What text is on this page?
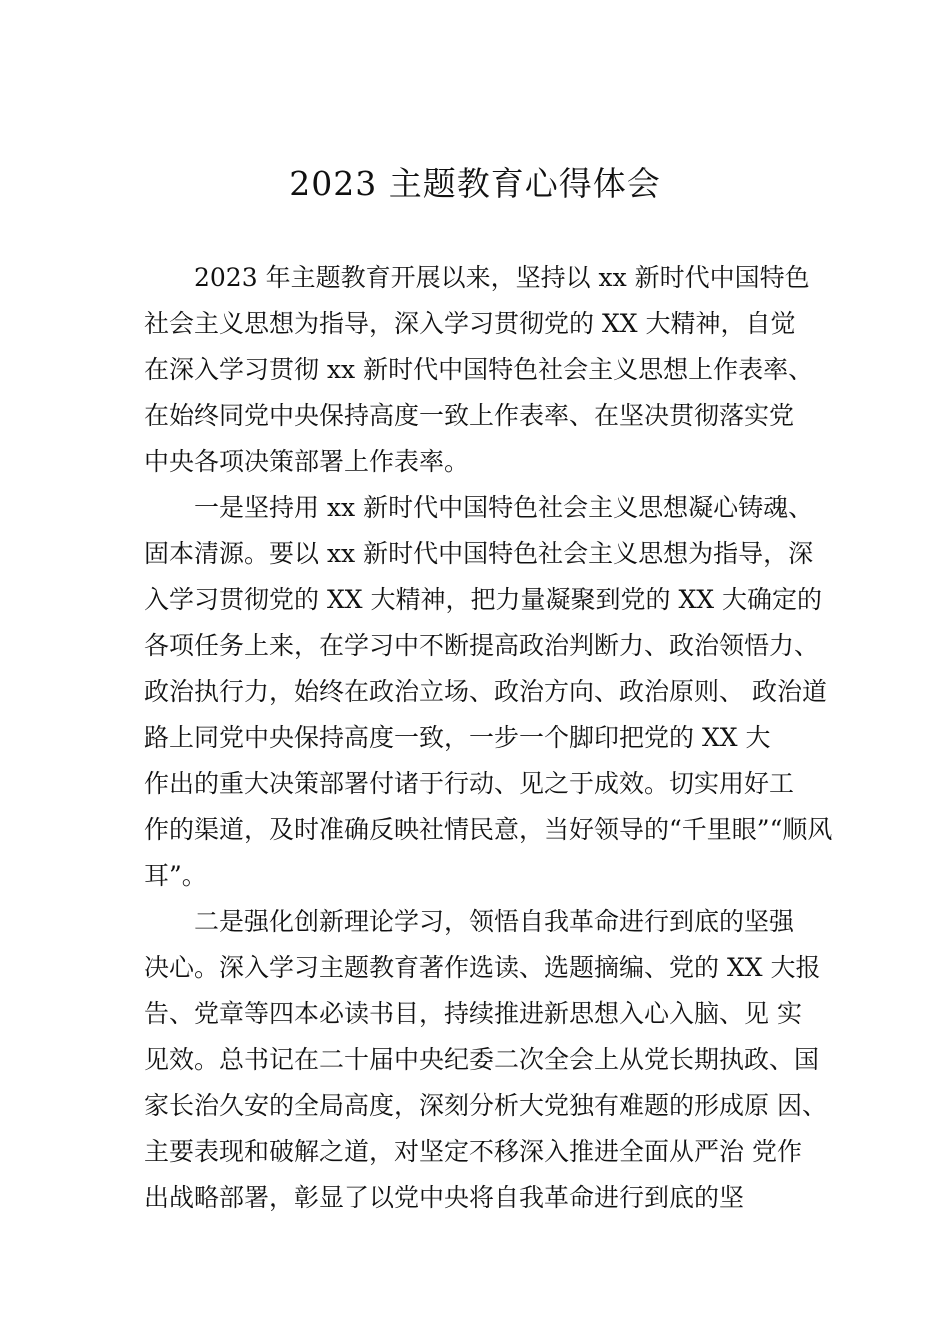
2023 主题教育心得体会
2023 年主题教育开展以来，坚持以 xx 新时代中国特色
社会主义思想为指导，深入学习贯彻党的 XX 大精神，自觉
在深入学习贯彻 xx 新时代中国特色社会主义思想上作表率、
在始终同党中央保持高度一致上作表率、在坚决贯彻落实党
中央各项决策部署上作表率。
一是坚持用 xx 新时代中国特色社会主义思想凝心铸魂、
固本清源。要以 xx 新时代中国特色社会主义思想为指导，深
入学习贯彻党的 XX 大精神，把力量凝聚到党的 XX 大确定的
各项任务上来，在学习中不断提高政治判断力、政治领悟力、
政治执行力，始终在政治立场、政治方向、政治原则、 政治道
路上同党中央保持高度一致，一步一个脚印把党的 XX 大
作出的重大决策部署付诸于行动、见之于成效。切实用好工
作的渠道，及时准确反映社情民意，当好领导的“千里眼”“顺风
耳”。
二是强化创新理论学习，领悟自我革命进行到底的坚强
决心。深入学习主题教育著作选读、选题摘编、党的 XX 大报
告、党章等四本必读书目，持续推进新思想入心入脑、见 实
见效。总书记在二十届中央纪委二次全会上从党长期执政、国
家长治久安的全局高度，深刻分析大党独有难题的形成原 因、
主要表现和破解之道，对坚定不移深入推进全面从严治 党作
出战略部署，彰显了以党中央将自我革命进行到底的坚
